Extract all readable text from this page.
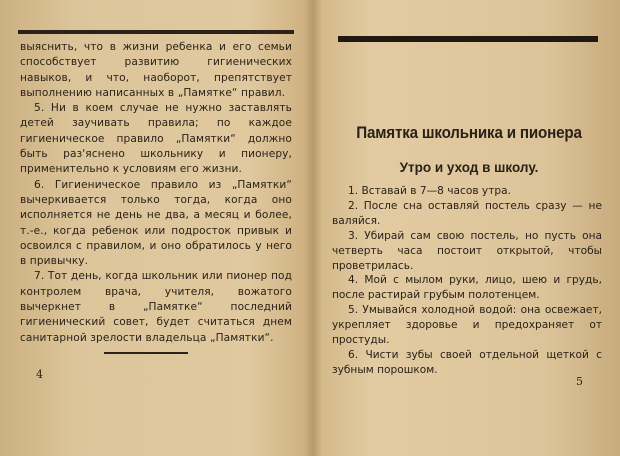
выяснить, что в жизни ребенка и его семьи способствует развитию гигиенических навыков, и что, наоборот, препятствует выполнению написанных в „Памятке“ правил.

5. Ни в коем случае не нужно заставлять детей заучивать правила; по каждое гигиеническое правило „Памятки“ должно быть раз'яснено школьнику и пионеру, применительно к условиям его жизни.

6. Гигиеническое правило из „Памятки“ вычеркивается только тогда, когда оно исполняется не день не два, а месяц и более, т.-е., когда ребенок или подросток привык и освоился с правилом, и оно обратилось у него в привычку.

7. Тот день, когда школьник или пионер под контролем врача, учителя, вожатого вычеркнет в „Памятке“ последний гигиенический совет, будет считаться днем санитарной зрелости владельца „Памятки“.

4
Памятка школьника и пионера
Утро и уход в школу.

1. Вставай в 7—8 часов утра.

2. После сна оставляй постель сразу — не валяйся.

3. Убирай сам свою постель, но пусть она четверть часа постоит открытой, чтобы проветрилась.

4. Мой с мылом руки, лицо, шею и грудь, после растирай грубым полотенцем.

5. Умывайся холодной водой: она освежает, укрепляет здоровье и предохраняет от простуды.

6. Чисти зубы своей отдельной щеткой с зубным порошком.

5
